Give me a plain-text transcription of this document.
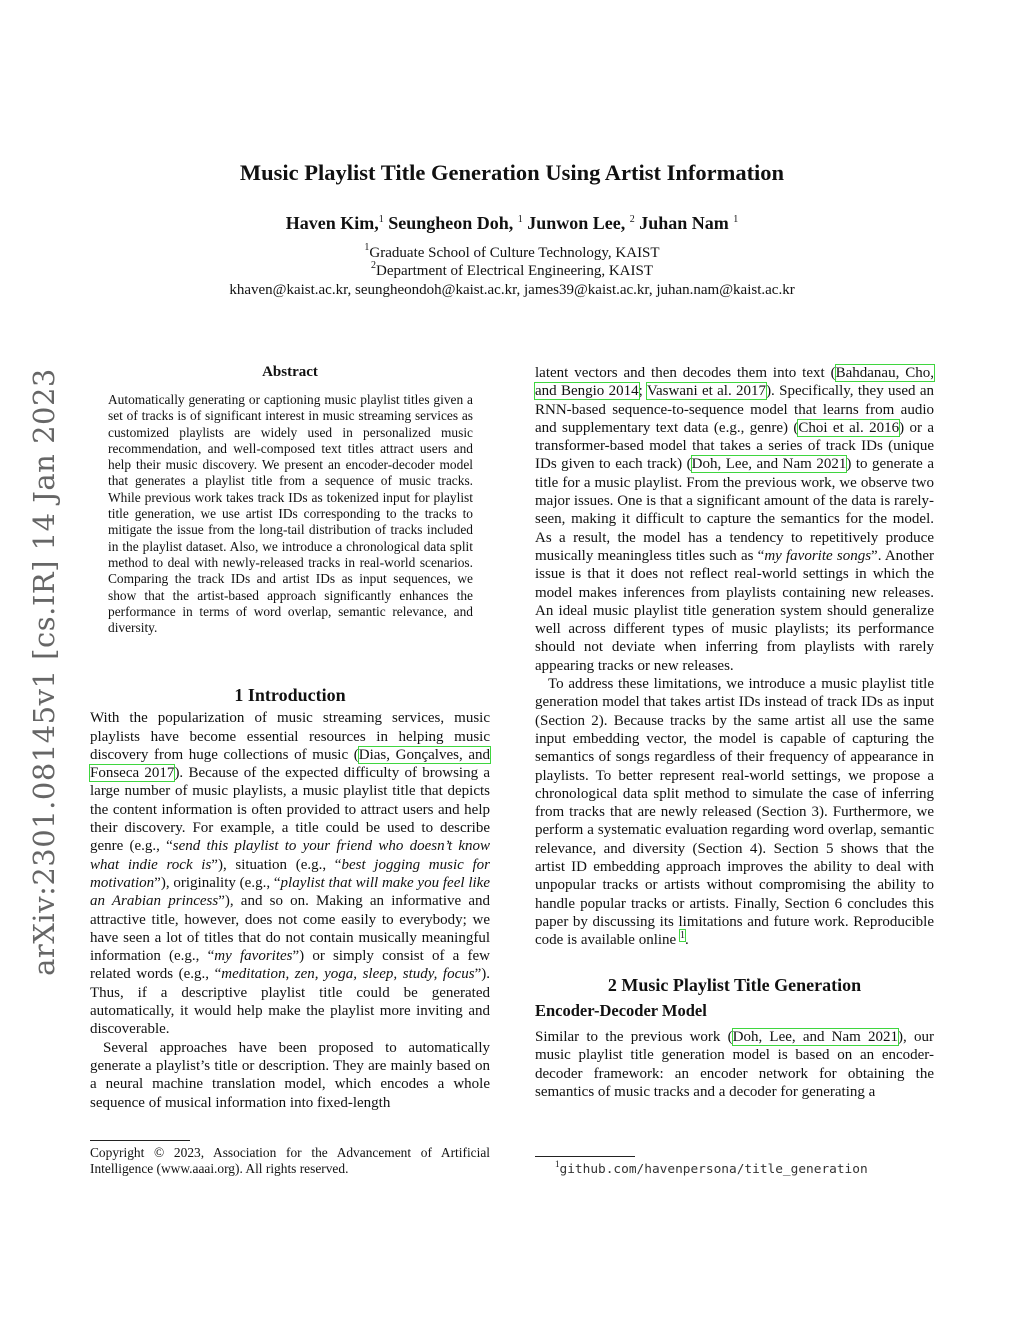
arXiv:2301.08145v1 [cs.IR] 14 Jan 2023
Music Playlist Title Generation Using Artist Information
Haven Kim,$^1$ Seungheon Doh, $^1$ Junwon Lee, $^2$ Juhan Nam $^1$
$^1$Graduate School of Culture Technology, KAIST
$^2$Department of Electrical Engineering, KAIST
khaven@kaist.ac.kr, seungheondoh@kaist.ac.kr, james39@kaist.ac.kr, juhan.nam@kaist.ac.kr
Abstract
Automatically generating or captioning music playlist titles given a set of tracks is of significant interest in music streaming services as customized playlists are widely used in personalized music recommendation, and well-composed text titles attract users and help their music discovery. We present an encoder-decoder model that generates a playlist title from a sequence of music tracks. While previous work takes track IDs as tokenized input for playlist title generation, we use artist IDs corresponding to the tracks to mitigate the issue from the long-tail distribution of tracks included in the playlist dataset. Also, we introduce a chronological data split method to deal with newly-released tracks in real-world scenarios. Comparing the track IDs and artist IDs as input sequences, we show that the artist-based approach significantly enhances the performance in terms of word overlap, semantic relevance, and diversity.
1 Introduction

With the popularization of music streaming services, music playlists have become essential resources in helping music discovery from huge collections of music (Dias, Gonçalves, and Fonseca 2017). Because of the expected difficulty of browsing a large number of music playlists, a music playlist title that depicts the content information is often provided to attract users and help their discovery. For example, a title could be used to describe genre (e.g., “send this playlist to your friend who doesn’t know what indie rock is”), situation (e.g., “best jogging music for motivation”), originality (e.g., “playlist that will make you feel like an Arabian princess”), and so on. Making an informative and attractive title, however, does not come easily to everybody; we have seen a lot of titles that do not contain musically meaningful information (e.g., “my favorites”) or simply consist of a few related words (e.g., “meditation, zen, yoga, sleep, study, focus”). Thus, if a descriptive playlist title could be generated automatically, it would help make the playlist more inviting and discoverable.

Several approaches have been proposed to automatically generate a playlist’s title or description. They are mainly based on a neural machine translation model, which encodes a whole sequence of musical information into fixed-length

Copyright © 2023, Association for the Advancement of Artificial Intelligence (www.aaai.org). All rights reserved.

latent vectors and then decodes them into text (Bahdanau, Cho, and Bengio 2014; Vaswani et al. 2017). Specifically, they used an RNN-based sequence-to-sequence model that learns from audio and supplementary text data (e.g., genre) (Choi et al. 2016) or a transformer-based model that takes a series of track IDs (unique IDs given to each track) (Doh, Lee, and Nam 2021) to generate a title for a music playlist. From the previous work, we observe two major issues. One is that a significant amount of the data is rarely-seen, making it difficult to capture the semantics for the model. As a result, the model has a tendency to repetitively produce musically meaningless titles such as “my favorite songs”. Another issue is that it does not reflect real-world settings in which the model makes inferences from playlists containing new releases. An ideal music playlist title generation system should generalize well across different types of music playlists; its performance should not deviate when inferring from playlists with rarely appearing tracks or new releases.

To address these limitations, we introduce a music playlist title generation model that takes artist IDs instead of track IDs as input (Section 2). Because tracks by the same artist all use the same input embedding vector, the model is capable of capturing the semantics of songs regardless of their frequency of appearance in playlists. To better represent real-world settings, we propose a chronological data split method to simulate the case of inferring from tracks that are newly released (Section 3). Furthermore, we perform a systematic evaluation regarding word overlap, semantic relevance, and diversity (Section 4). Section 5 shows that the artist ID embedding approach improves the ability to deal with unpopular tracks or artists without compromising the ability to handle popular tracks or artists. Finally, Section 6 concludes this paper by discussing its limitations and future work. Reproducible code is available online $^1$.

2 Music Playlist Title Generation
Encoder-Decoder Model

Similar to the previous work (Doh, Lee, and Nam 2021), our music playlist title generation model is based on an encoder-decoder framework: an encoder network for obtaining the semantics of music tracks and a decoder for generating a

$^1$github.com/havenpersona/title_generation
